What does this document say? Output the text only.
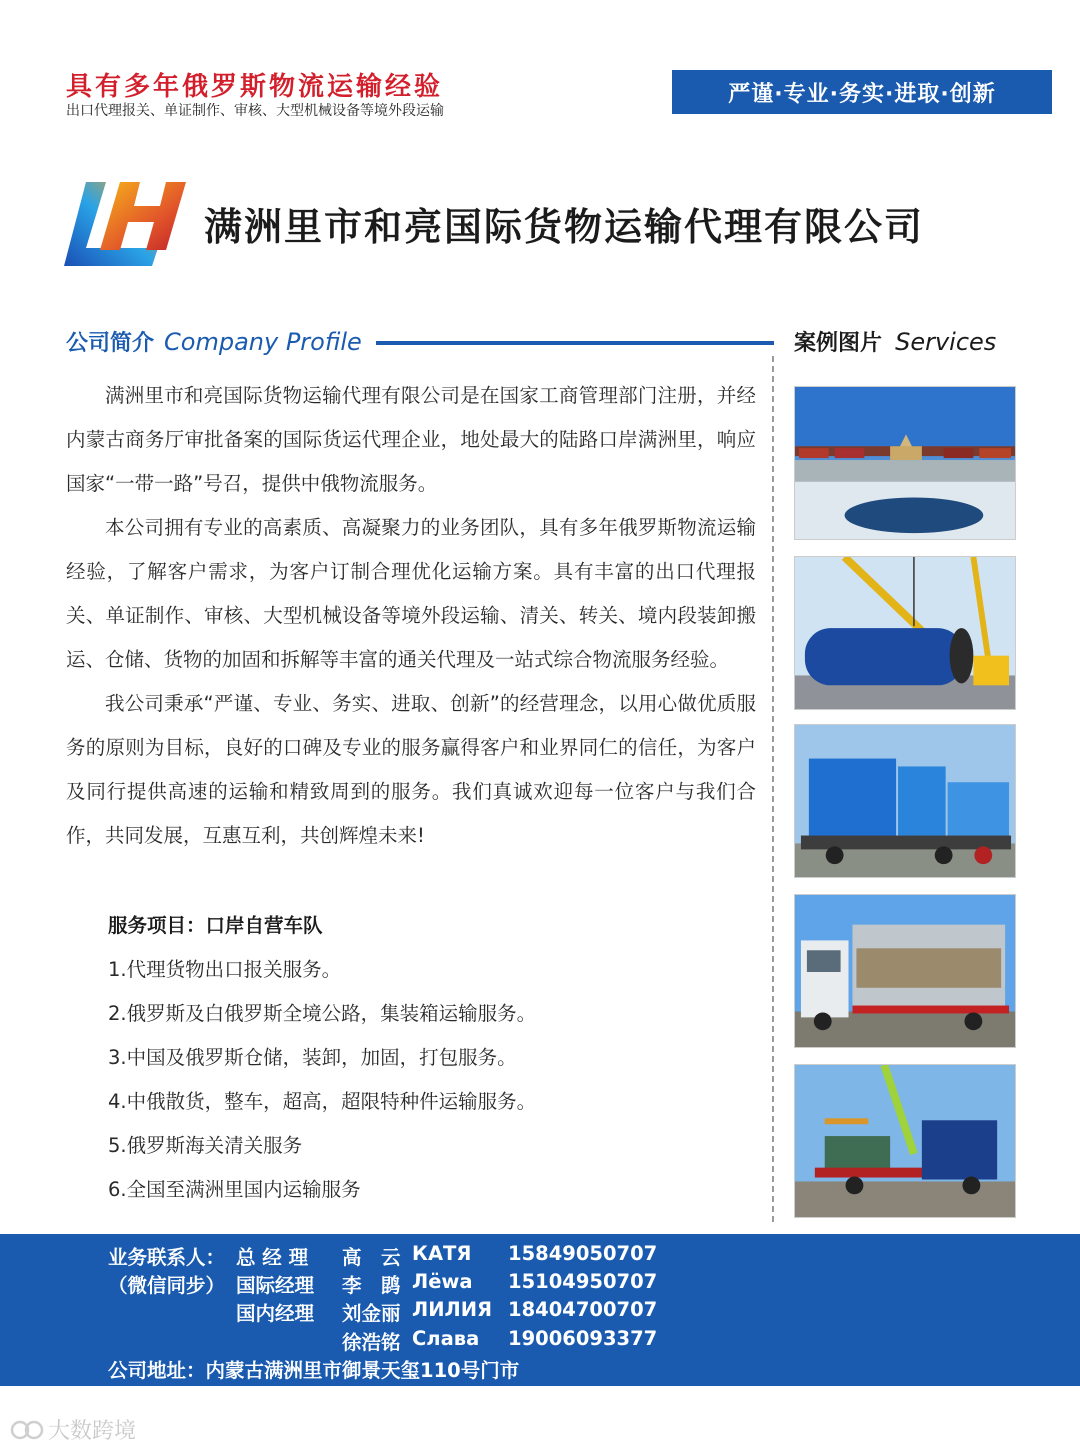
具有多年俄罗斯物流运输经验
出口代理报关、单证制作、审核、大型机械设备等境外段运输
严谨·专业·务实·进取·创新
满洲里市和亮国际货物运输代理有限公司
公司简介 Company Profile	案例图片 Services

满洲里市和亮国际货物运输代理有限公司是在国家工商管理部门注册，并经内蒙古商务厅审批备案的国际货运代理企业，地处最大的陆路口岸满洲里，响应国家“一带一路”号召，提供中俄物流服务。

本公司拥有专业的高素质、高凝聚力的业务团队，具有多年俄罗斯物流运输经验，了解客户需求，为客户订制合理优化运输方案。具有丰富的出口代理报关、单证制作、审核、大型机械设备等境外段运输、清关、转关、境内段装卸搬运、仓储、货物的加固和拆解等丰富的通关代理及一站式综合物流服务经验。

我公司秉承“严谨、专业、务实、进取、创新”的经营理念，以用心做优质服务的原则为目标，良好的口碑及专业的服务赢得客户和业界同仁的信任，为客户及同行提供高速的运输和精致周到的服务。我们真诚欢迎每一位客户与我们合作，共同发展，互惠互利，共创辉煌未来!

服务项目：口岸自营车队
1.代理货物出口报关服务。
2.俄罗斯及白俄罗斯全境公路，集装箱运输服务。
3.中国及俄罗斯仓储，装卸，加固，打包服务。
4.中俄散货，整车，超高，超限特种件运输服务。
5.俄罗斯海关清关服务
6.全国至满洲里国内运输服务
业务联系人：
（微信同步）
总 经 理 高　云 КАТЯ 15849050707
国际经理 李　鹍 Лёwa 15104950707
国内经理 刘金丽 ЛИЛИЯ 18404700707
徐浩铭 Слава 19006093377
公司地址：内蒙古满洲里市御景天玺110号门市
大数跨境
